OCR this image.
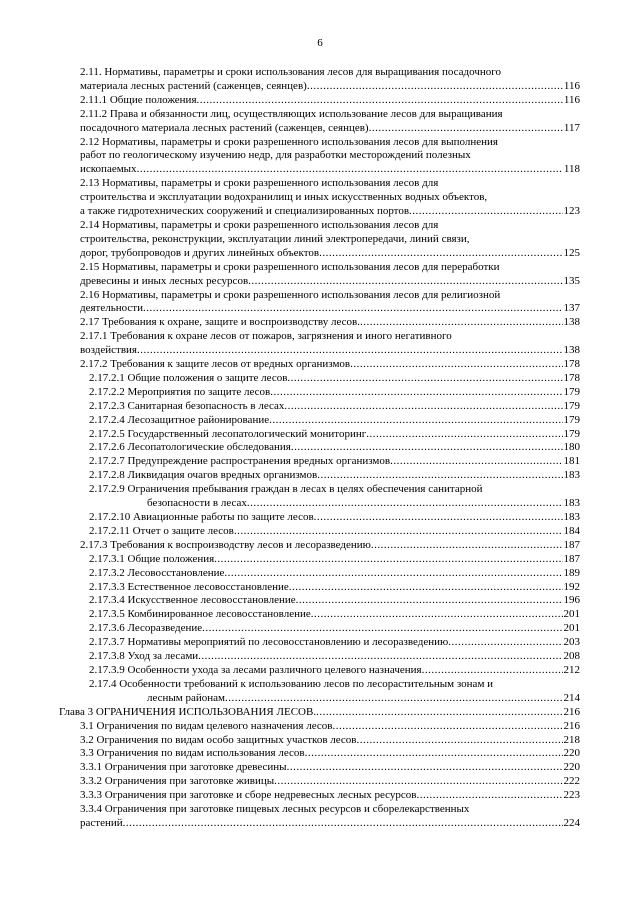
6
2.11. Нормативы, параметры и сроки использования лесов для выращивания посадочного
материала лесных растений (саженцев, сеянцев) .....	116
2.11.1 Общие положения .....	116
2.11.2 Права и обязанности лиц, осуществляющих использование лесов для выращивания
посадочного материала лесных растений (саженцев, сеянцев) .....	117
2.12 Нормативы, параметры и сроки разрешенного использования лесов для выполнения
работ по геологическому изучению недр, для разработки месторождений полезных
ископаемых .....	118
2.13 Нормативы, параметры и сроки разрешенного использования лесов для
строительства и эксплуатации водохранилищ и иных искусственных водных объектов,
а также гидротехнических сооружений и специализированных портов .....	123
2.14 Нормативы, параметры и сроки разрешенного использования лесов для
строительства, реконструкции, эксплуатации линий электропередачи, линий связи,
дорог, трубопроводов и других линейных объектов .....	125
2.15 Нормативы, параметры и сроки разрешенного использования лесов для переработки
древесины и иных лесных ресурсов .....	135
2.16 Нормативы, параметры и сроки разрешенного использования лесов для религиозной
деятельности .....	137
2.17 Требования к охране, защите и воспроизводству лесов. .....	138
2.17.1 Требования к охране лесов от пожаров, загрязнения и иного негативного
воздействия .....	138
2.17.2 Требования к защите лесов от вредных организмов .....	178
2.17.2.1 Общие положения о защите лесов .....	178
2.17.2.2 Мероприятия по защите лесов .....	179
2.17.2.3 Санитарная безопасность в лесах .....	179
2.17.2.4 Лесозащитное районирование .....	179
2.17.2.5 Государственный лесопатологический мониторинг .....	179
2.17.2.6 Лесопатологические обследования .....	180
2.17.2.7 Предупреждение распространения вредных организмов .....	181
2.17.2.8 Ликвидация очагов вредных организмов .....	183
2.17.2.9 Ограничения пребывания граждан в лесах в целях обеспечения санитарной
безопасности в лесах .....	183
2.17.2.10 Авиационные работы по защите лесов .....	183
2.17.2.11 Отчет о защите лесов .....	184
2.17.3 Требования к воспроизводству лесов и лесоразведению .....	187
2.17.3.1 Общие положения .....	187
2.17.3.2 Лесовосстановление .....	189
2.17.3.3 Естественное лесовосстановление .....	192
2.17.3.4 Искусственное лесовосстановление .....	196
2.17.3.5 Комбинированное лесовосстановление .....	201
2.17.3.6 Лесоразведение .....	201
2.17.3.7 Нормативы мероприятий по лесовосстановлению и лесоразведению .....	203
2.17.3.8 Уход за лесами .....	208
2.17.3.9 Особенности ухода за лесами различного целевого назначения .....	212
2.17.4 Особенности требований к использованию лесов по лесорастительным зонам и
лесным районам .....	214
Глава 3 ОГРАНИЧЕНИЯ ИСПОЛЬЗОВАНИЯ ЛЕСОВ. .....	216
3.1 Ограничения по видам целевого назначения лесов .....	216
3.2 Ограничения по видам особо защитных участков лесов .....	218
3.3 Ограничения по видам использования лесов .....	220
3.3.1 Ограничения при заготовке древесины .....	220
3.3.2 Ограничения при заготовке живицы .....	222
3.3.3 Ограничения при заготовке и сборе недревесных лесных ресурсов .....	223
3.3.4 Ограничения при заготовке пищевых лесных ресурсов и сборелекарственных
растений .....	224
